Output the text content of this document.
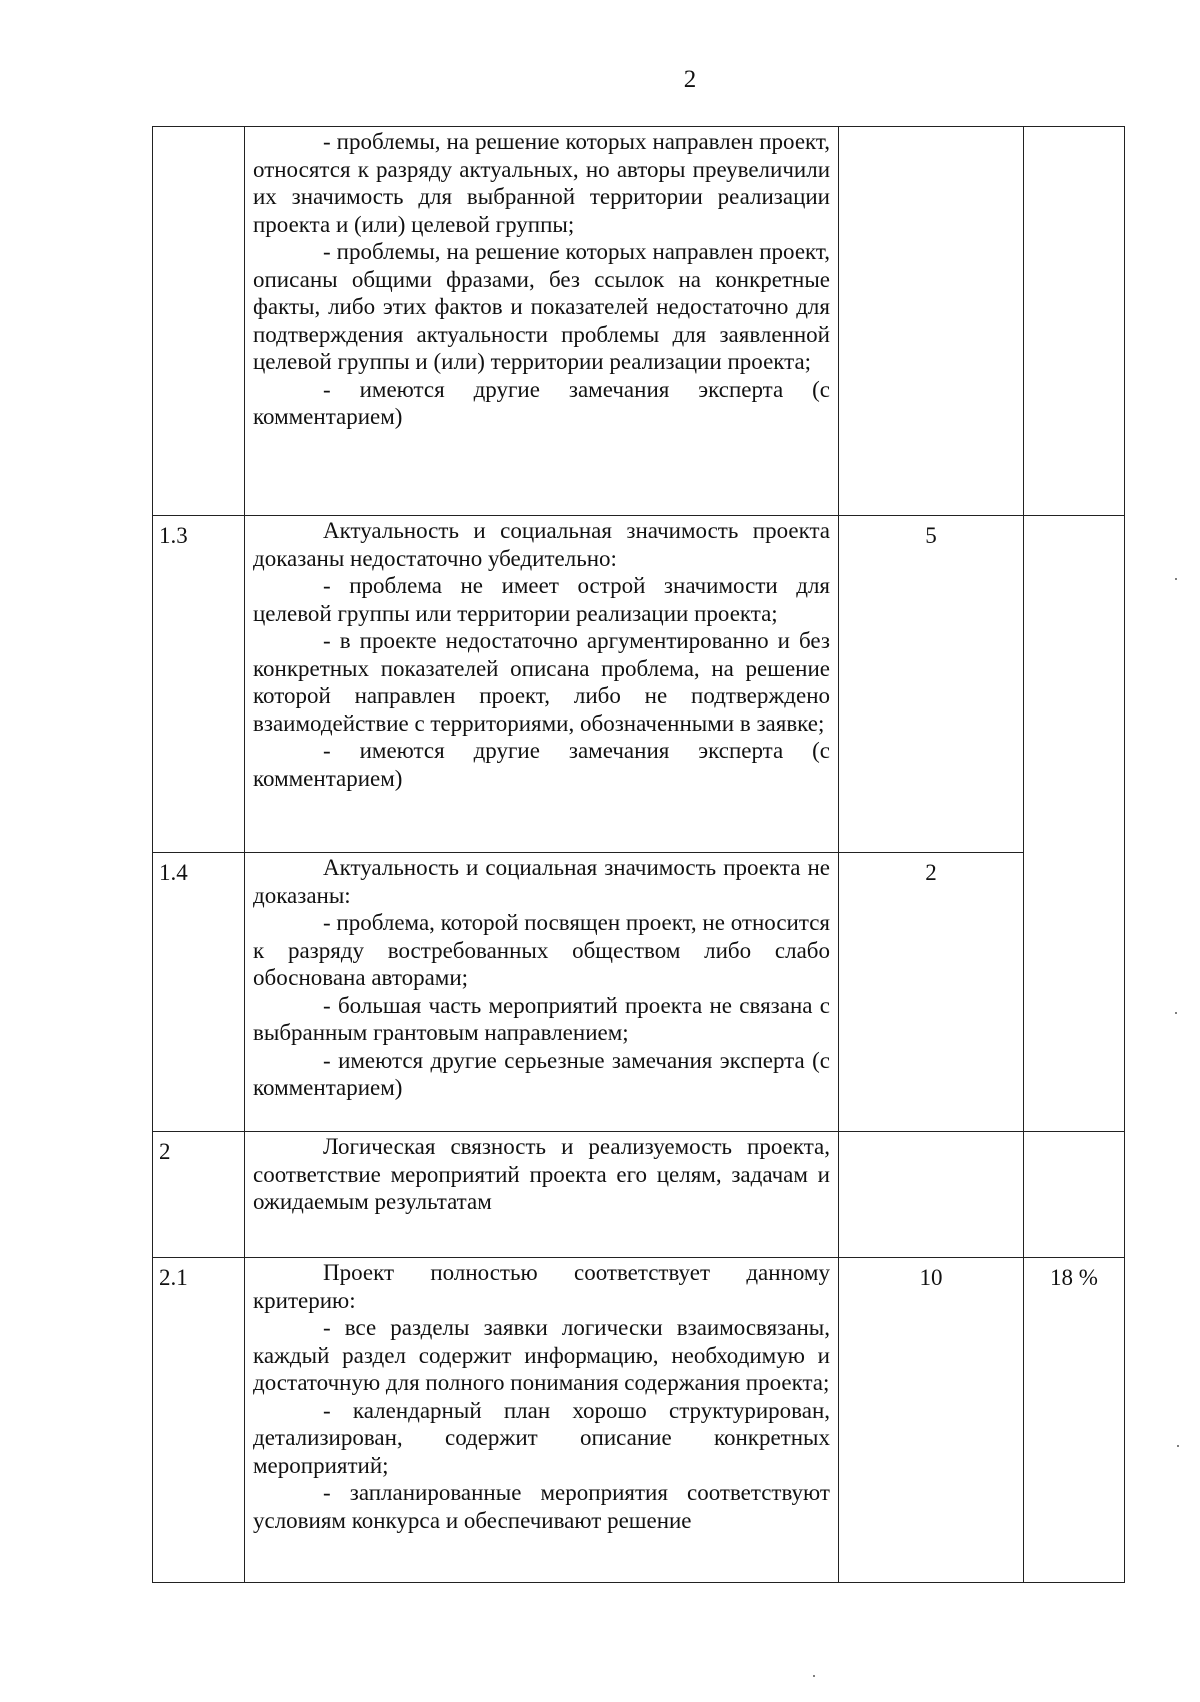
2

	- проблемы, на решение которых направлен проект, относятся к разряду актуальных, но авторы преувеличили их значимость для выбранной территории реализации проекта и (или) целевой группы;

- проблемы, на решение которых направлен проект, описаны общими фразами, без ссылок на конкретные факты, либо этих фактов и показателей недостаточно для подтверждения актуальности проблемы для заявленной целевой группы и (или) территории реализации проекта;

- имеются другие замечания эксперта (с комментарием)		

1.3	Актуальность и социальная значимость проекта доказаны недостаточно убедительно:

- проблема не имеет острой значимости для целевой группы или территории реализации проекта;

- в проекте недостаточно аргументированно и без конкретных показателей описана проблема, на решение которой направлен проект, либо не подтверждено взаимодействие с территориями, обозначенными в заявке;

- имеются другие замечания эксперта (с комментарием)	5	
1.4	Актуальность и социальная значимость проекта не доказаны:

- проблема, которой посвящен проект, не относится к разряду востребованных обществом либо слабо обоснована авторами;

- большая часть мероприятий проекта не связана с выбранным грантовым направлением;

- имеются другие серьезные замечания эксперта (с комментарием)	2	
2	Логическая связность и реализуемость проекта, соответствие мероприятий проекта его целям, задачам и ожидаемым результатам		

2.1	Проект полностью соответствует данному критерию:

- все разделы заявки логически взаимосвязаны, каждый раздел содержит информацию, необходимую и достаточную для полного понимания содержания проекта;

- календарный план хорошо структурирован, детализирован, содержит описание конкретных мероприятий;

- запланированные мероприятия соответствуют условиям конкурса и обеспечивают решение	10	18 %
